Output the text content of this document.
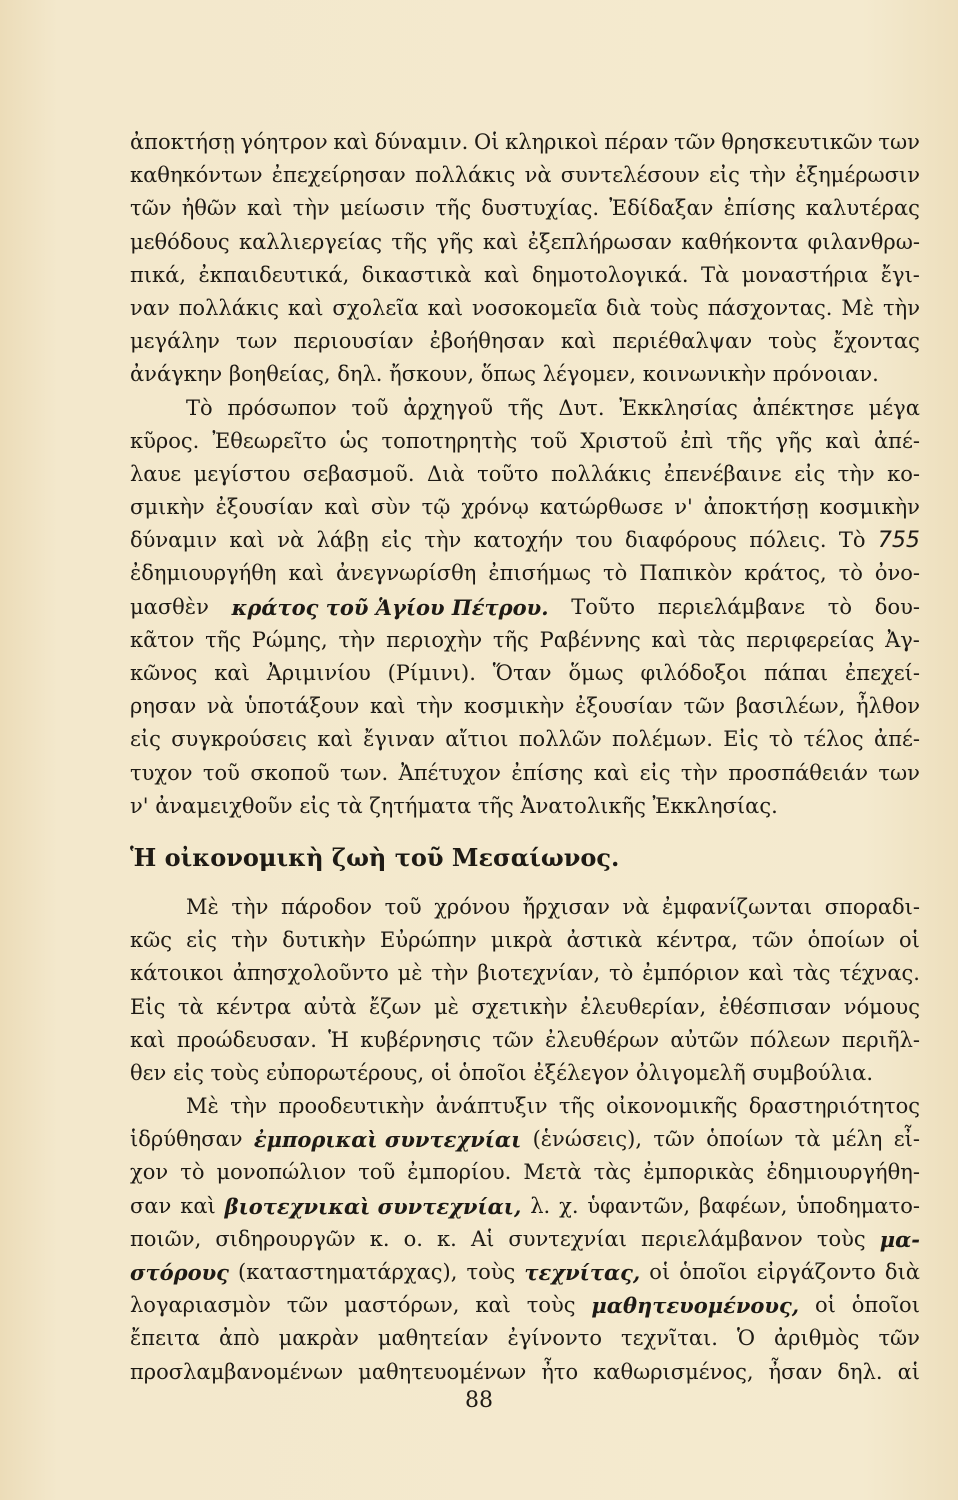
ἀποκτήσῃ γόητρον καὶ δύναμιν. Οἱ κληρικοὶ πέραν τῶν θρησκευτικῶν των
καθηκόντων ἐπεχείρησαν πολλάκις νὰ συντελέσουν εἰς τὴν ἐξημέρωσιν
τῶν ἠθῶν καὶ τὴν μείωσιν τῆς δυστυχίας. Ἐδίδαξαν ἐπίσης καλυτέρας
μεθόδους καλλιεργείας τῆς γῆς καὶ ἐξεπλήρωσαν καθήκοντα φιλανθρω-
πικά, ἐκπαιδευτικά, δικαστικὰ καὶ δημοτολογικά. Τὰ μοναστήρια ἔγι-
ναν πολλάκις καὶ σχολεῖα καὶ νοσοκομεῖα διὰ τοὺς πάσχοντας. Μὲ τὴν
μεγάλην των περιουσίαν ἐβοήθησαν καὶ περιέθαλψαν τοὺς ἔχοντας
ἀνάγκην βοηθείας, δηλ. ἤσκουν, ὅπως λέγομεν, κοινωνικὴν πρόνοιαν.
Τὸ πρόσωπον τοῦ ἀρχηγοῦ τῆς Δυτ. Ἐκκλησίας ἀπέκτησε μέγα
κῦρος. Ἐθεωρεῖτο ὡς τοποτηρητὴς τοῦ Χριστοῦ ἐπὶ τῆς γῆς καὶ ἀπέ-
λαυε μεγίστου σεβασμοῦ. Διὰ τοῦτο πολλάκις ἐπενέβαινε εἰς τὴν κο-
σμικὴν ἐξουσίαν καὶ σὺν τῷ χρόνῳ κατώρθωσε ν' ἀποκτήσῃ κοσμικὴν
δύναμιν καὶ νὰ λάβῃ εἰς τὴν κατοχήν του διαφόρους πόλεις. Τὸ 755
ἐδημιουργήθη καὶ ἀνεγνωρίσθη ἐπισήμως τὸ Παπικὸν κράτος, τὸ ὀνο-
μασθὲν κράτος τοῦ Ἁγίου Πέτρου. Τοῦτο περιελάμβανε τὸ δου-
κᾶτον τῆς Ρώμης, τὴν περιοχὴν τῆς Ραβέννης καὶ τὰς περιφερείας Ἀγ-
κῶνος καὶ Ἀριμινίου (Ρίμινι). Ὅταν ὅμως φιλόδοξοι πάπαι ἐπεχεί-
ρησαν νὰ ὑποτάξουν καὶ τὴν κοσμικὴν ἐξουσίαν τῶν βασιλέων, ἦλθον
εἰς συγκρούσεις καὶ ἔγιναν αἴτιοι πολλῶν πολέμων. Εἰς τὸ τέλος ἀπέ-
τυχον τοῦ σκοποῦ των. Ἀπέτυχον ἐπίσης καὶ εἰς τὴν προσπάθειάν των
ν' ἀναμειχθοῦν εἰς τὰ ζητήματα τῆς Ἀνατολικῆς Ἐκκλησίας.
Ἡ οἰκονομικὴ ζωὴ τοῦ Μεσαίωνος.
Μὲ τὴν πάροδον τοῦ χρόνου ἤρχισαν νὰ ἐμφανίζωνται σποραδι-
κῶς εἰς τὴν δυτικὴν Εὐρώπην μικρὰ ἀστικὰ κέντρα, τῶν ὁποίων οἱ
κάτοικοι ἀπησχολοῦντο μὲ τὴν βιοτεχνίαν, τὸ ἐμπόριον καὶ τὰς τέχνας.
Εἰς τὰ κέντρα αὐτὰ ἔζων μὲ σχετικὴν ἐλευθερίαν, ἐθέσπισαν νόμους
καὶ προώδευσαν. Ἡ κυβέρνησις τῶν ἐλευθέρων αὐτῶν πόλεων περιῆλ-
θεν εἰς τοὺς εὐπορωτέρους, οἱ ὁποῖοι ἐξέλεγον ὀλιγομελῆ συμβούλια.
Μὲ τὴν προοδευτικὴν ἀνάπτυξιν τῆς οἰκονομικῆς δραστηριότητος
ἱδρύθησαν ἐμπορικαὶ συντεχνίαι (ἑνώσεις), τῶν ὁποίων τὰ μέλη εἶ-
χον τὸ μονοπώλιον τοῦ ἐμπορίου. Μετὰ τὰς ἐμπορικὰς ἐδημιουργήθη-
σαν καὶ βιοτεχνικαὶ συντεχνίαι, λ. χ. ὑφαντῶν, βαφέων, ὑποδηματο-
ποιῶν, σιδηρουργῶν κ. ο. κ. Αἱ συντεχνίαι περιελάμβανον τοὺς μα-
στόρους (καταστηματάρχας), τοὺς τεχνίτας, οἱ ὁποῖοι εἰργάζοντο διὰ
λογαριασμὸν τῶν μαστόρων, καὶ τοὺς μαθητευομένους, οἱ ὁποῖοι
ἔπειτα ἀπὸ μακρὰν μαθητείαν ἐγίνοντο τεχνῖται. Ὁ ἀριθμὸς τῶν
προσλαμβανομένων μαθητευομένων ἦτο καθωρισμένος, ἦσαν δηλ. αἱ
88
